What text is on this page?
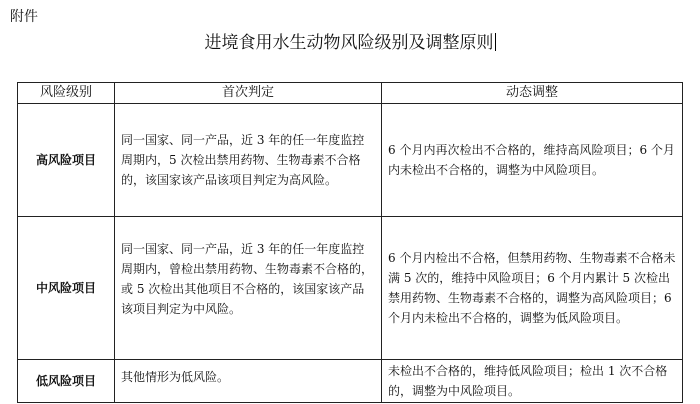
附件
进境食用水生动物风险级别及调整原则
风险级别	首次判定	动态调整
高风险项目	同一国家、同一产品，近 3 年的任一年度监控周期内，5 次检出禁用药物、生物毒素不合格的，该国家该产品该项目判定为高风险。	6 个月内再次检出不合格的，维持高风险项目；6 个月内未检出不合格的，调整为中风险项目。

中风险项目	同一国家、同一产品，近 3 年的任一年度监控周期内，曾检出禁用药物、生物毒素不合格的，或 5 次检出其他项目不合格的，该国家该产品该项目判定为中风险。	6 个月内检出不合格，但禁用药物、生物毒素不合格未满 5 次的，维持中风险项目；6 个月内累计 5 次检出禁用药物、生物毒素不合格的，调整为高风险项目；6 个月内未检出不合格的，调整为低风险项目。

低风险项目	其他情形为低风险。	未检出不合格的，维持低风险项目；检出 1 次不合格的，调整为中风险项目。
